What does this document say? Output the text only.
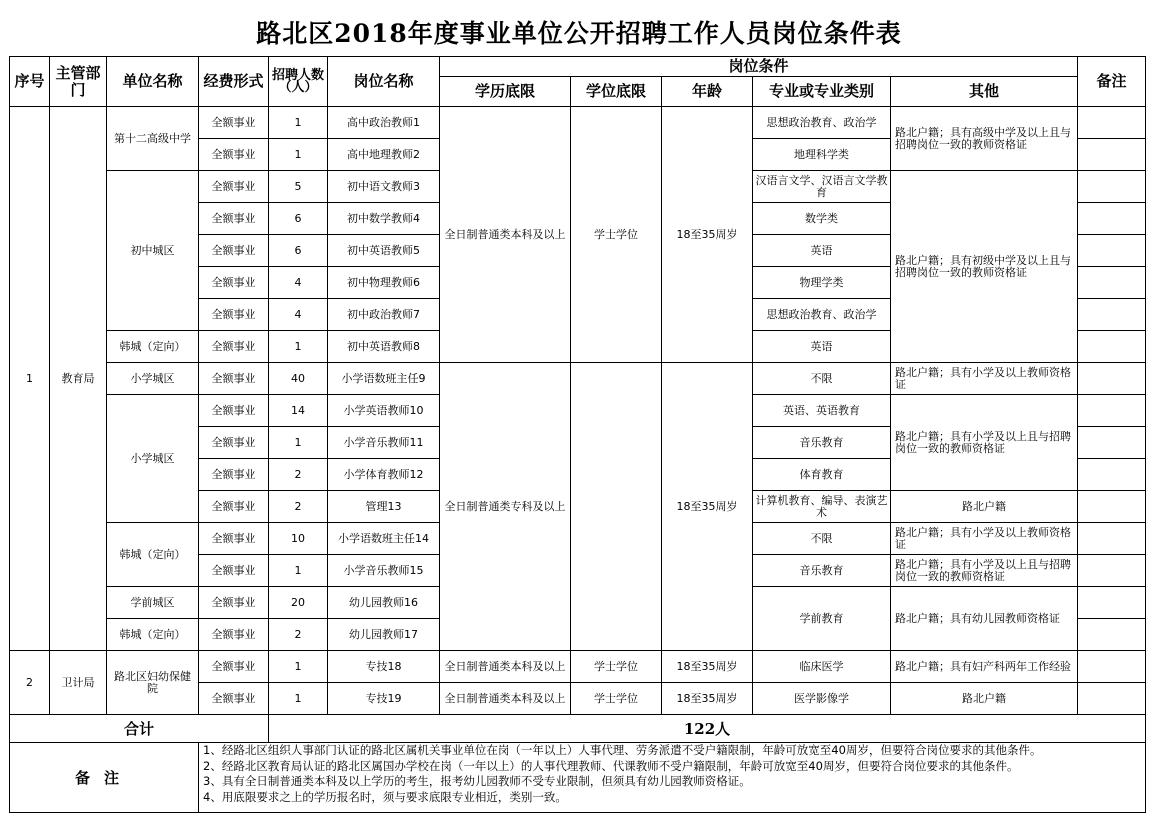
路北区2018年度事业单位公开招聘工作人员岗位条件表
序号	主管部门	单位名称	经费形式	招聘人数（人）	岗位名称	岗位条件					备注
						学历底限	学位底限	年龄	专业或专业类别	其他	
1	教育局	第十二高级中学	全额事业	1	高中政治教师1	全日制普通类本科及以上	学士学位	18至35周岁	思想政治教育、政治学	路北户籍；具有高级中学及以上且与招聘岗位一致的教师资格证	
			全额事业	1	高中地理教师2				地理科学类		
		初中城区	全额事业	5	初中语文教师3				汉语言文学、汉语言文学教育	路北户籍；具有初级中学及以上且与招聘岗位一致的教师资格证	
			全额事业	6	初中数学教师4				数学类		
			全额事业	6	初中英语教师5				英语		
			全额事业	4	初中物理教师6				物理学类		
			全额事业	4	初中政治教师7				思想政治教育、政治学		
		韩城（定向）	全额事业	1	初中英语教师8				英语		
		小学城区	全额事业	40	小学语数班主任9	全日制普通类专科及以上		18至35周岁	不限	路北户籍；具有小学及以上教师资格证	
		小学城区	全额事业	14	小学英语教师10				英语、英语教育	路北户籍；具有小学及以上且与招聘岗位一致的教师资格证	
			全额事业	1	小学音乐教师11				音乐教育		
			全额事业	2	小学体育教师12				体育教育		
			全额事业	2	管理13				计算机教育、编导、表演艺术	路北户籍	
		韩城（定向）	全额事业	10	小学语数班主任14				不限	路北户籍；具有小学及以上教师资格证	
			全额事业	1	小学音乐教师15				音乐教育	路北户籍；具有小学及以上且与招聘岗位一致的教师资格证	
		学前城区	全额事业	20	幼儿园教师16				学前教育	路北户籍；具有幼儿园教师资格证	
		韩城（定向）	全额事业	2	幼儿园教师17						
2	卫计局	路北区妇幼保健院	全额事业	1	专技18	全日制普通类本科及以上	学士学位	18至35周岁	临床医学	路北户籍；具有妇产科两年工作经验	
			全额事业	1	专技19	全日制普通类本科及以上	学士学位	18至35周岁	医学影像学	路北户籍	
合计				122人							
备注			1、经路北区组织人事部门认证的路北区属机关事业单位在岗（一年以上）人事代理、劳务派遣不受户籍限制，年龄可放宽至40周岁，但要符合岗位要求的其他条件。
2、经路北区教育局认证的路北区属国办学校在岗（一年以上）的人事代理教师、代课教师不受户籍限制，年龄可放宽至40周岁，但要符合岗位要求的其他条件。
3、具有全日制普通类本科及以上学历的考生，报考幼儿园教师不受专业限制，但须具有幼儿园教师资格证。
4、用底限要求之上的学历报名时，须与要求底限专业相近，类别一致。								
